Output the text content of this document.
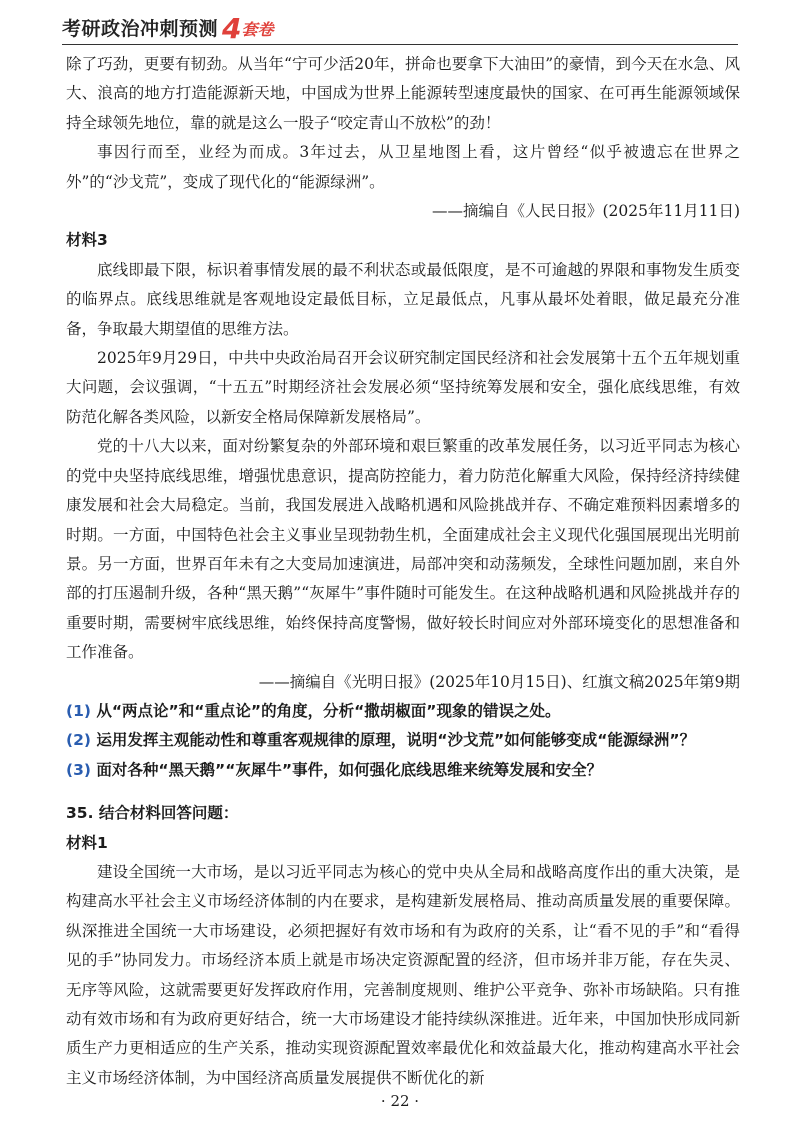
考研政治冲刺预测 4 套卷

除了巧劲，更要有韧劲。从当年“宁可少活20年，拼命也要拿下大油田”的豪情，到今天在水急、风大、浪高的地方打造能源新天地，中国成为世界上能源转型速度最快的国家、在可再生能源领域保持全球领先地位，靠的就是这么一股子“咬定青山不放松”的劲！

事因行而至，业经为而成。3年过去，从卫星地图上看，这片曾经“似乎被遗忘在世界之外”的“沙戈荒”，变成了现代化的“能源绿洲”。

——摘编自《人民日报》(2025年11月11日)

材料3

底线即最下限，标识着事情发展的最不利状态或最低限度，是不可逾越的界限和事物发生质变的临界点。底线思维就是客观地设定最低目标，立足最低点，凡事从最坏处着眼，做足最充分准备，争取最大期望值的思维方法。

2025年9月29日，中共中央政治局召开会议研究制定国民经济和社会发展第十五个五年规划重大问题，会议强调，“十五五”时期经济社会发展必须“坚持统筹发展和安全，强化底线思维，有效防范化解各类风险，以新安全格局保障新发展格局”。

党的十八大以来，面对纷繁复杂的外部环境和艰巨繁重的改革发展任务，以习近平同志为核心的党中央坚持底线思维，增强忧患意识，提高防控能力，着力防范化解重大风险，保持经济持续健康发展和社会大局稳定。当前，我国发展进入战略机遇和风险挑战并存、不确定难预料因素增多的时期。一方面，中国特色社会主义事业呈现勃勃生机，全面建成社会主义现代化强国展现出光明前景。另一方面，世界百年未有之大变局加速演进，局部冲突和动荡频发，全球性问题加剧，来自外部的打压遏制升级，各种“黑天鹅”“灰犀牛”事件随时可能发生。在这种战略机遇和风险挑战并存的重要时期，需要树牢底线思维，始终保持高度警惕，做好较长时间应对外部环境变化的思想准备和工作准备。

——摘编自《光明日报》(2025年10月15日)、红旗文稿2025年第9期

(1) 从“两点论”和“重点论”的角度，分析“撒胡椒面”现象的错误之处。

(2) 运用发挥主观能动性和尊重客观规律的原理，说明“沙戈荒”如何能够变成“能源绿洲”？

(3) 面对各种“黑天鹅”“灰犀牛”事件，如何强化底线思维来统筹发展和安全？

35. 结合材料回答问题：

材料1

建设全国统一大市场，是以习近平同志为核心的党中央从全局和战略高度作出的重大决策，是构建高水平社会主义市场经济体制的内在要求，是构建新发展格局、推动高质量发展的重要保障。纵深推进全国统一大市场建设，必须把握好有效市场和有为政府的关系，让“看不见的手”和“看得见的手”协同发力。市场经济本质上就是市场决定资源配置的经济，但市场并非万能，存在失灵、无序等风险，这就需要更好发挥政府作用，完善制度规则、维护公平竞争、弥补市场缺陷。只有推动有效市场和有为政府更好结合，统一大市场建设才能持续纵深推进。近年来，中国加快形成同新质生产力更相适应的生产关系，推动实现资源配置效率最优化和效益最大化，推动构建高水平社会主义市场经济体制，为中国经济高质量发展提供不断优化的新

· 22 ·
